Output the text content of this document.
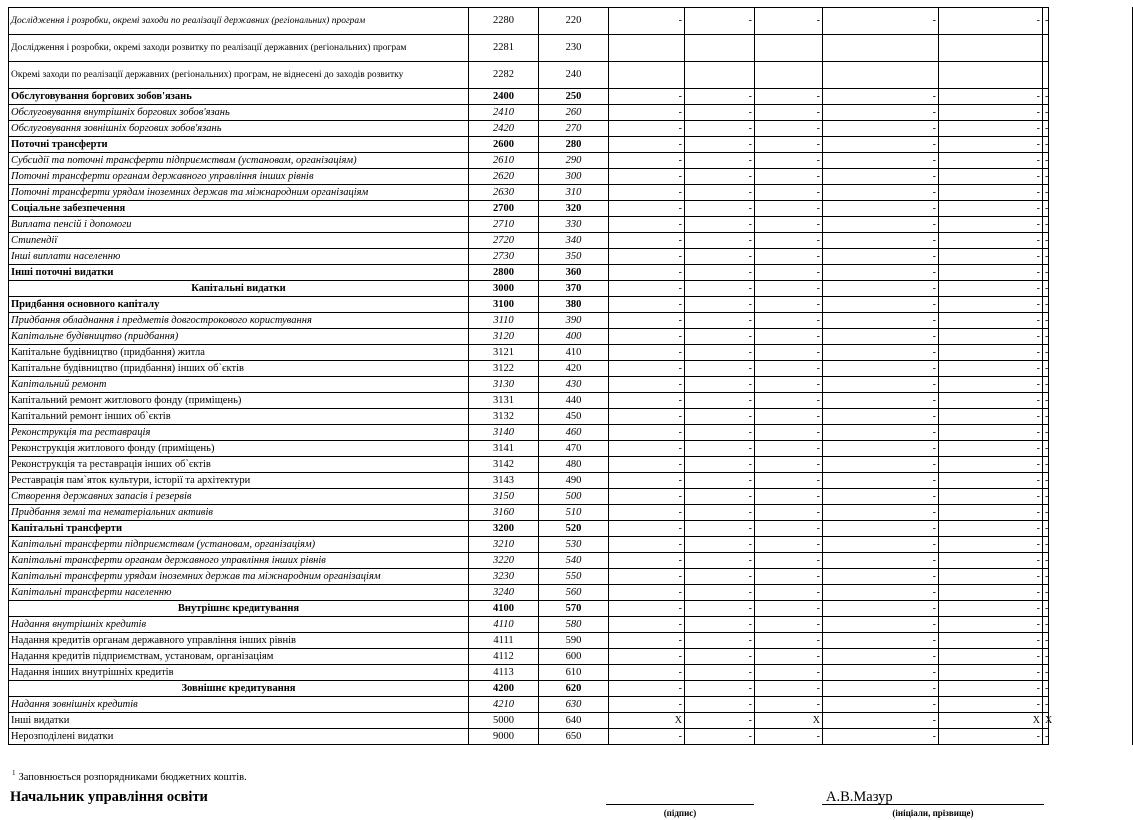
Дослідження і розробки, окремі заходи по реалізації державних (регіональних) програм	2280	220	-	-	-	-	-	-		
Дослідження і розробки, окремі заходи розвитку по реалізації державних (регіональних) програм	2281	230								
Окремі заходи по реалізації державних (регіональних) програм, не віднесені до заходів розвитку	2282	240								
Обслуговування боргових зобов'язань	2400	250	-	-	-	-	-	-		
Обслуговування внутрішніх боргових зобов'язань	2410	260	-	-	-	-	-	-		
Обслуговування зовнішніх боргових зобов'язань	2420	270	-	-	-	-	-	-		
Поточні трансферти	2600	280	-	-	-	-	-	-		
Субсидії та поточні трансферти підприємствам (установам, організаціям)	2610	290	-	-	-	-	-	-		
Поточні трансферти органам державного управління інших рівнів	2620	300	-	-	-	-	-	-		
Поточні трансферти урядам іноземних держав та міжнародним організаціям	2630	310	-	-	-	-	-	-		
Соціальне забезпечення	2700	320	-	-	-	-	-	-		
Виплата пенсій і допомоги	2710	330	-	-	-	-	-	-		
Стипендії	2720	340	-	-	-	-	-	-		
Інші виплати населенню	2730	350	-	-	-	-	-	-		
Інші поточні видатки	2800	360	-	-	-	-	-	-		
Капітальні видатки	3000	370	-	-	-	-	-	-		
Придбання основного капіталу	3100	380	-	-	-	-	-	-		
Придбання обладнання і предметів довгострокового користування	3110	390	-	-	-	-	-	-		
Капітальне будівництво (придбання)	3120	400	-	-	-	-	-	-		
Капітальне будівництво (придбання) житла	3121	410	-	-	-	-	-	-		
Капітальне будівництво (придбання) інших об`єктів	3122	420	-	-	-	-	-	-		
Капітальний ремонт	3130	430	-	-	-	-	-	-		
Капітальний ремонт житлового фонду (приміщень)	3131	440	-	-	-	-	-	-		
Капітальний ремонт інших об`єктів	3132	450	-	-	-	-	-	-		
Реконструкція та реставрація	3140	460	-	-	-	-	-	-		
Реконструкція житлового фонду (приміщень)	3141	470	-	-	-	-	-	-		
Реконструкція та реставрація інших об`єктів	3142	480	-	-	-	-	-	-		
Реставрація пам`яток культури, історії та архітектури	3143	490	-	-	-	-	-	-		
Створення державних запасів і резервів	3150	500	-	-	-	-	-	-		
Придбання землі та нематеріальних активів	3160	510	-	-	-	-	-	-		
Капітальні трансферти	3200	520	-	-	-	-	-	-		
Капітальні трансферти підприємствам (установам, організаціям)	3210	530	-	-	-	-	-	-		
Капітальні трансферти органам державного управління інших рівнів	3220	540	-	-	-	-	-	-		
Капітальні трансферти урядам іноземних держав та міжнародним організаціям	3230	550	-	-	-	-	-	-		
Капітальні трансферти населенню	3240	560	-	-	-	-	-	-		
Внутрішнє кредитування	4100	570	-	-	-	-	-	-		
Надання внутрішніх кредитів	4110	580	-	-	-	-	-	-		
Надання кредитів органам державного управління інших рівнів	4111	590	-	-	-	-	-	-		
Надання кредитів підприємствам, установам, організаціям	4112	600	-	-	-	-	-	-		
Надання інших внутрішніх кредитів	4113	610	-	-	-	-	-	-		
Зовнішнє кредитування	4200	620	-	-	-	-	-	-		
Надання зовнішніх кредитів	4210	630	-	-	-	-	-	-		
Інші видатки	5000	640	X	-	X	-	X	X		
Нерозподілені видатки	9000	650	-	-	-	-	-	-		
$^1$ Заповнюється розпорядниками бюджетних коштів.
Начальник управління освіти
(підпис)
А.В.Мазур
(ініціали, прізвище)
